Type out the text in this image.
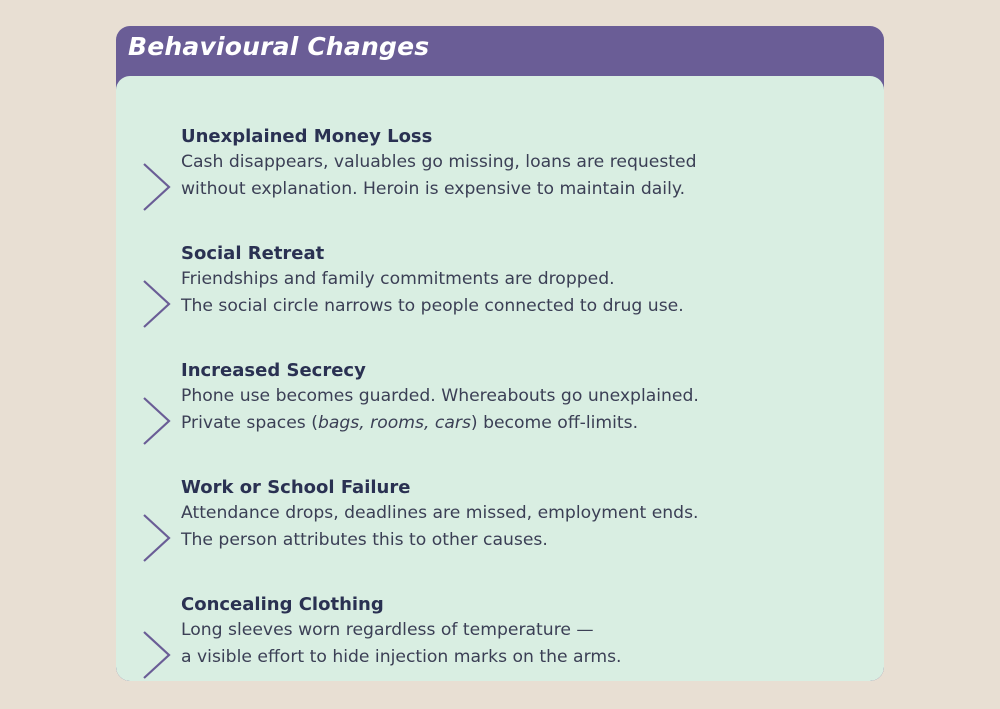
Behavioural Changes
Unexplained Money Loss
Cash disappears, valuables go missing, loans are requested
without explanation. Heroin is expensive to maintain daily.
Social Retreat
Friendships and family commitments are dropped.
The social circle narrows to people connected to drug use.
Increased Secrecy
Phone use becomes guarded. Whereabouts go unexplained.
Private spaces (bags, rooms, cars) become off-limits.
Work or School Failure
Attendance drops, deadlines are missed, employment ends.
The person attributes this to other causes.
Concealing Clothing
Long sleeves worn regardless of temperature —
a visible effort to hide injection marks on the arms.
